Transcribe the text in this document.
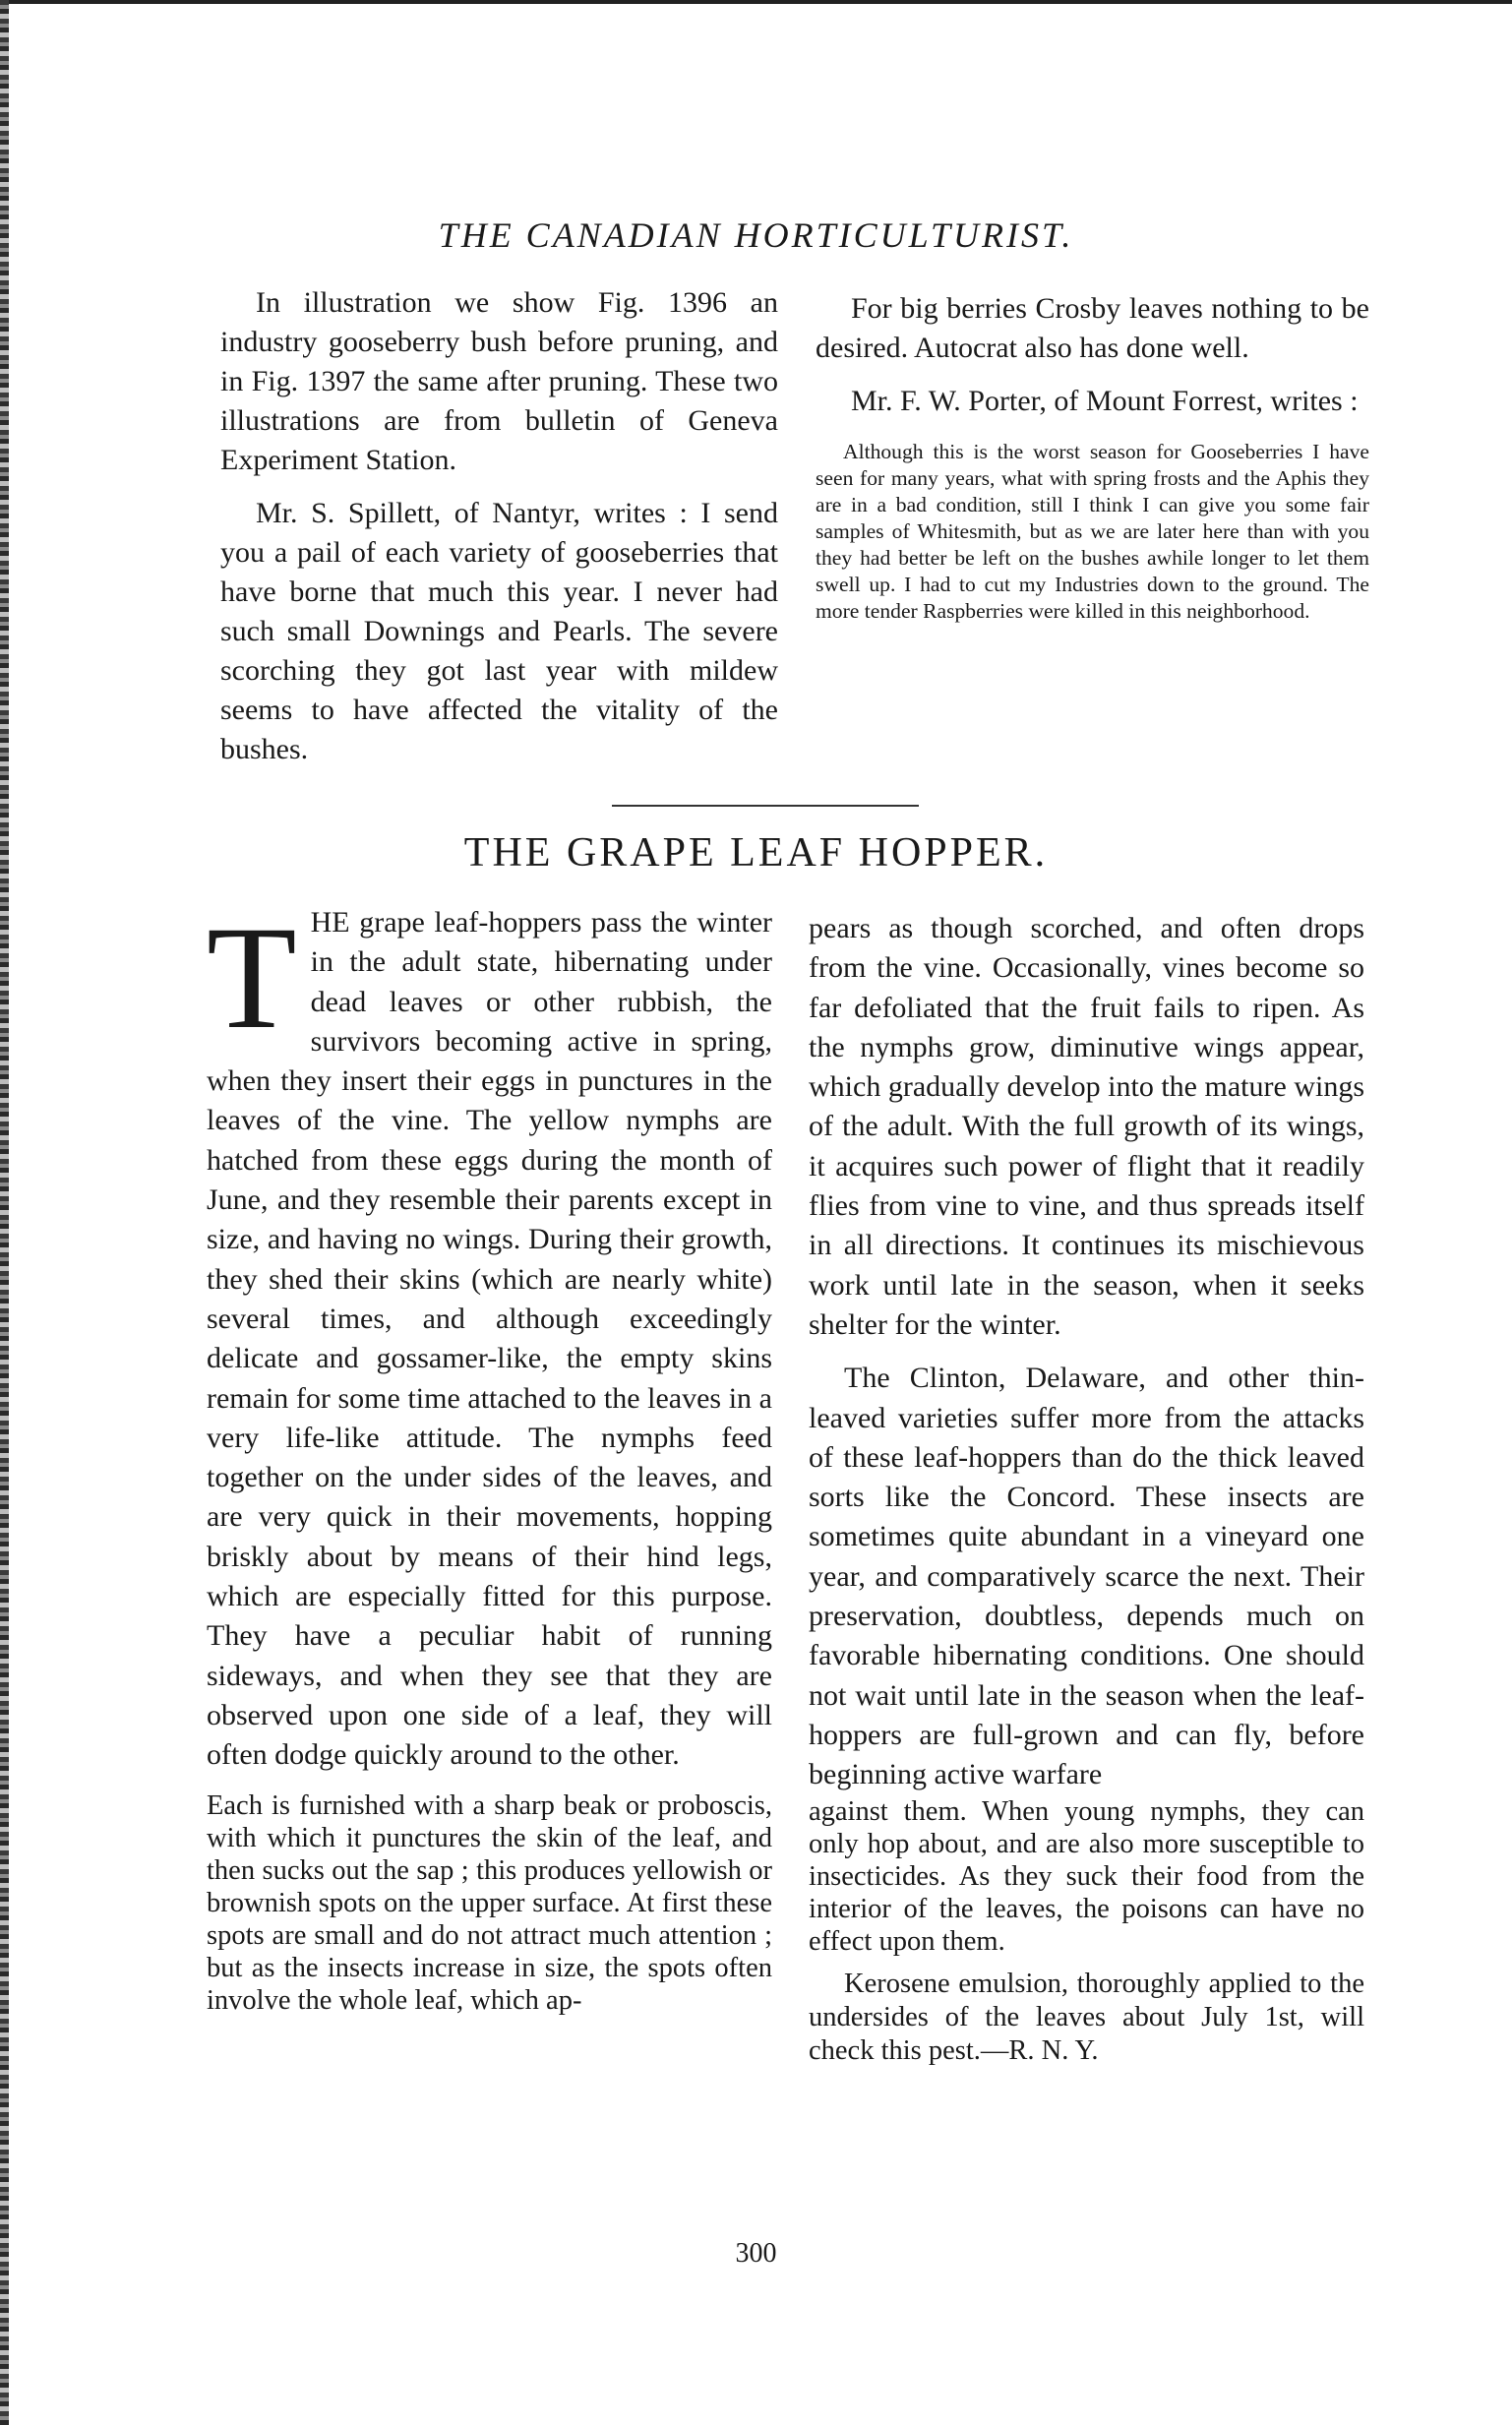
THE CANADIAN HORTICULTURIST.

In illustration we show Fig. 1396 an industry gooseberry bush before pruning, and in Fig. 1397 the same after pruning. These two illustrations are from bulletin of Geneva Experiment Station.

Mr. S. Spillett, of Nantyr, writes : I send you a pail of each variety of gooseberries that have borne that much this year. I never had such small Downings and Pearls. The severe scorching they got last year with mildew seems to have affected the vitality of the bushes.

For big berries Crosby leaves nothing to be desired. Autocrat also has done well.

Mr. F. W. Porter, of Mount Forrest, writes :

Although this is the worst season for Gooseberries I have seen for many years, what with spring frosts and the Aphis they are in a bad condition, still I think I can give you some fair samples of Whitesmith, but as we are later here than with you they had better be left on the bushes awhile longer to let them swell up. I had to cut my Industries down to the ground. The more tender Raspberries were killed in this neighborhood.

THE GRAPE LEAF HOPPER.

THE grape leaf-hoppers pass the winter in the adult state, hibernating under dead leaves or other rubbish, the survivors becoming active in spring, when they insert their eggs in punctures in the leaves of the vine. The yellow nymphs are hatched from these eggs during the month of June, and they resemble their parents except in size, and having no wings. During their growth, they shed their skins (which are nearly white) several times, and although exceedingly delicate and gossamer-like, the empty skins remain for some time attached to the leaves in a very life-like attitude. The nymphs feed together on the under sides of the leaves, and are very quick in their movements, hopping briskly about by means of their hind legs, which are especially fitted for this purpose. They have a peculiar habit of running sideways, and when they see that they are observed upon one side of a leaf, they will often dodge quickly around to the other.

Each is furnished with a sharp beak or proboscis, with which it punctures the skin of the leaf, and then sucks out the sap ; this produces yellowish or brownish spots on the upper surface. At first these spots are small and do not attract much attention ; but as the insects increase in size, the spots often involve the whole leaf, which ap-

pears as though scorched, and often drops from the vine. Occasionally, vines become so far defoliated that the fruit fails to ripen. As the nymphs grow, diminutive wings appear, which gradually develop into the mature wings of the adult. With the full growth of its wings, it acquires such power of flight that it readily flies from vine to vine, and thus spreads itself in all directions. It continues its mischievous work until late in the season, when it seeks shelter for the winter.

The Clinton, Delaware, and other thin-leaved varieties suffer more from the attacks of these leaf-hoppers than do the thick leaved sorts like the Concord. These insects are sometimes quite abundant in a vineyard one year, and comparatively scarce the next. Their preservation, doubtless, depends much on favorable hibernating conditions. One should not wait until late in the season when the leaf-hoppers are full-grown and can fly, before beginning active warfare

against them. When young nymphs, they can only hop about, and are also more susceptible to insecticides. As they suck their food from the interior of the leaves, the poisons can have no effect upon them.

Kerosene emulsion, thoroughly applied to the undersides of the leaves about July 1st, will check this pest.—R. N. Y.

300
